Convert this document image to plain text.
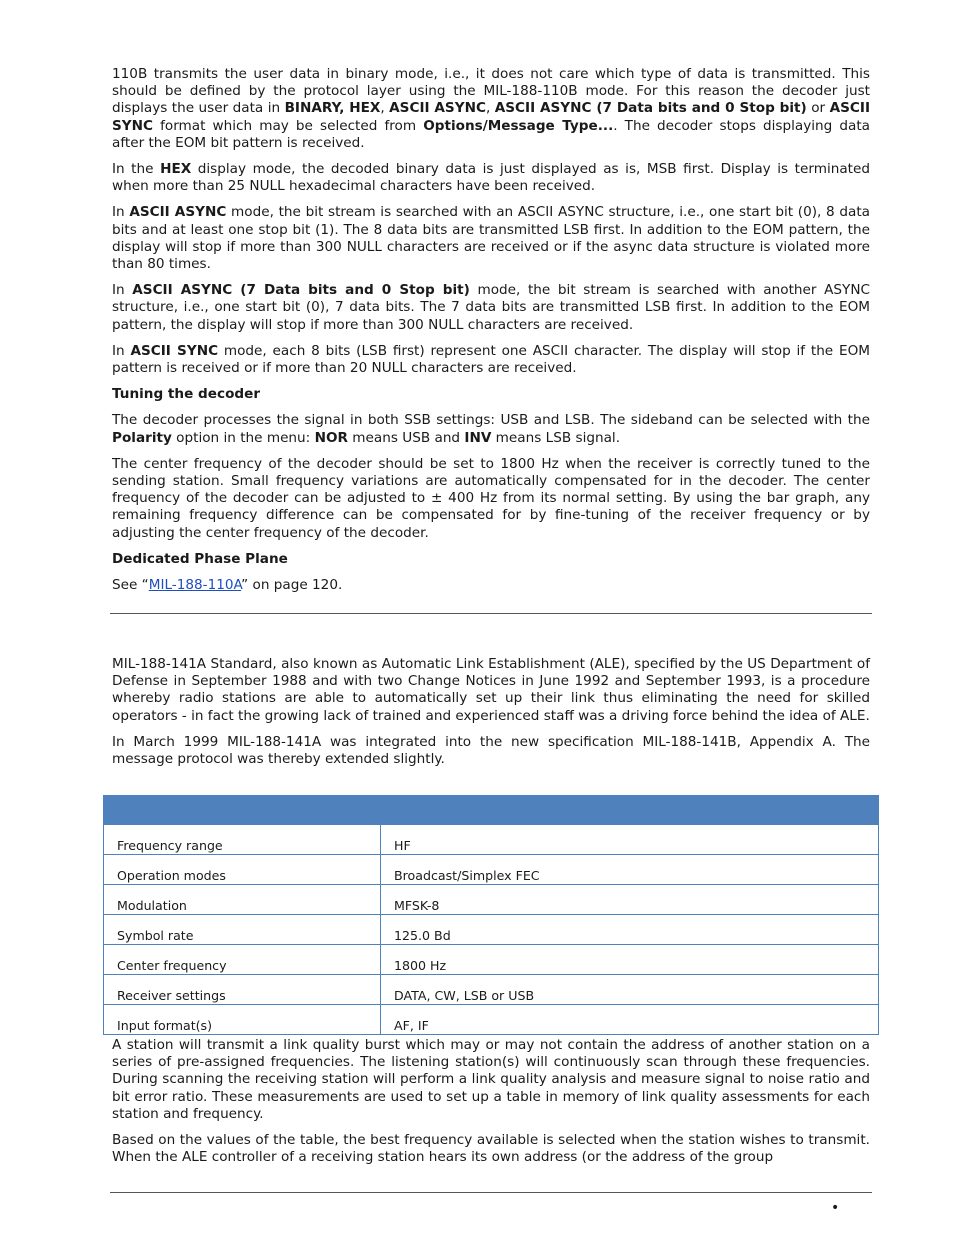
110B transmits the user data in binary mode, i.e., it does not care which type of data is transmitted. This should be defined by the protocol layer using the MIL-188-110B mode. For this reason the decoder just displays the user data in BINARY, HEX, ASCII ASYNC, ASCII ASYNC (7 Data bits and 0 Stop bit) or ASCII SYNC format which may be selected from Options/Message Type.... The decoder stops displaying data after the EOM bit pattern is received.

In the HEX display mode, the decoded binary data is just displayed as is, MSB first. Display is terminated when more than 25 NULL hexadecimal characters have been received.

In ASCII ASYNC mode, the bit stream is searched with an ASCII ASYNC structure, i.e., one start bit (0), 8 data bits and at least one stop bit (1). The 8 data bits are transmitted LSB first. In addition to the EOM pattern, the display will stop if more than 300 NULL characters are received or if the async data structure is violated more than 80 times.

In ASCII ASYNC (7 Data bits and 0 Stop bit) mode, the bit stream is searched with another ASYNC structure, i.e., one start bit (0), 7 data bits. The 7 data bits are transmitted LSB first. In addition to the EOM pattern, the display will stop if more than 300 NULL characters are received.

In ASCII SYNC mode, each 8 bits (LSB first) represent one ASCII character. The display will stop if the EOM pattern is received or if more than 20 NULL characters are received.

Tuning the decoder

The decoder processes the signal in both SSB settings: USB and LSB. The sideband can be selected with the Polarity option in the menu: NOR means USB and INV means LSB signal.

The center frequency of the decoder should be set to 1800 Hz when the receiver is correctly tuned to the sending station. Small frequency variations are automatically compensated for in the decoder. The center frequency of the decoder can be adjusted to ± 400 Hz from its normal setting. By using the bar graph, any remaining frequency difference can be compensated for by fine-tuning of the receiver frequency or by adjusting the center frequency of the decoder.

Dedicated Phase Plane

See “MIL-188-110A” on page 120.

MIL-188-141A Standard, also known as Automatic Link Establishment (ALE), specified by the US Department of Defense in September 1988 and with two Change Notices in June 1992 and September 1993, is a procedure whereby radio stations are able to automatically set up their link thus eliminating the need for skilled operators - in fact the growing lack of trained and experienced staff was a driving force behind the idea of ALE.

In March 1999 MIL-188-141A was integrated into the new specification MIL-188-141B, Appendix A. The message protocol was thereby extended slightly.

Frequency range	HF
Operation modes	Broadcast/Simplex FEC
Modulation	MFSK-8
Symbol rate	125.0 Bd
Center frequency	1800 Hz
Receiver settings	DATA, CW, LSB or USB
Input format(s)	AF, IF

A station will transmit a link quality burst which may or may not contain the address of another station on a series of pre-assigned frequencies. The listening station(s) will continuously scan through these frequencies. During scanning the receiving station will perform a link quality analysis and measure signal to noise ratio and bit error ratio. These measurements are used to set up a table in memory of link quality assessments for each station and frequency.

Based on the values of the table, the best frequency available is selected when the station wishes to transmit. When the ALE controller of a receiving station hears its own address (or the address of the group

•
